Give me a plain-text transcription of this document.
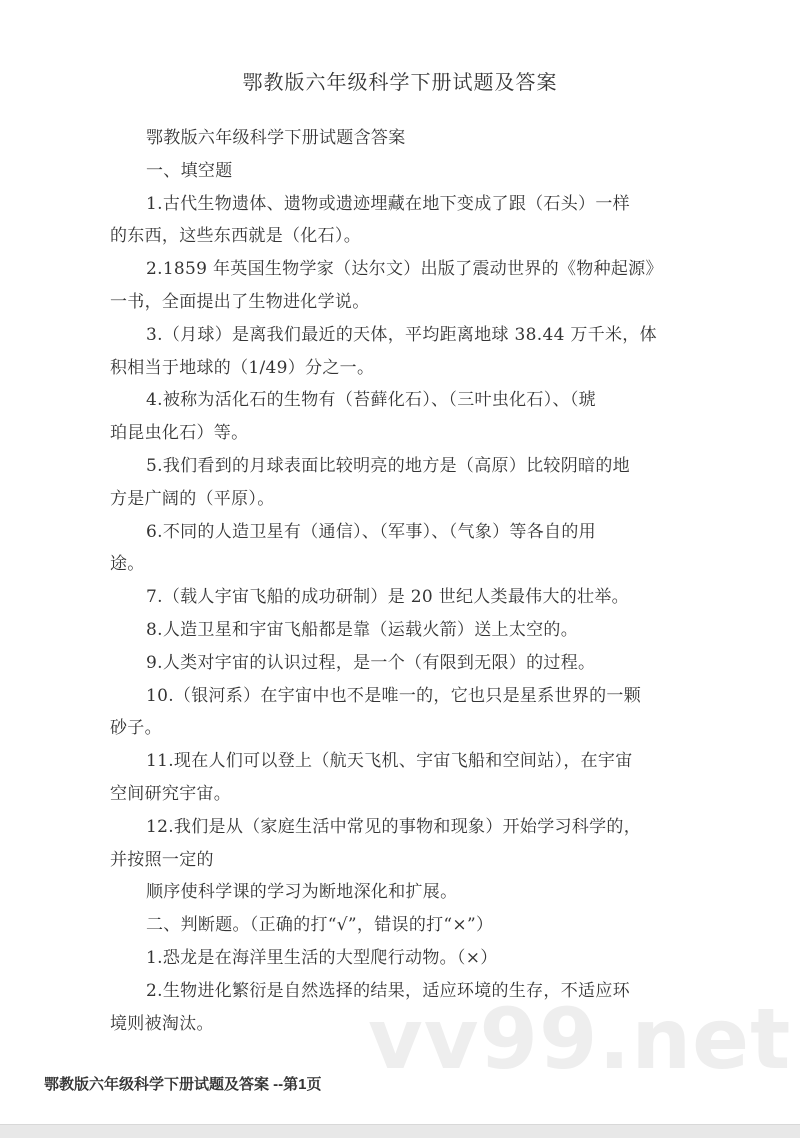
鄂教版六年级科学下册试题及答案
鄂教版六年级科学下册试题含答案
一、填空题
1.古代生物遗体、遗物或遗迹埋藏在地下变成了跟（石头）一样
的东西，这些东西就是（化石）。
2.1859 年英国生物学家（达尔文）出版了震动世界的《物种起源》
一书，全面提出了生物进化学说。
3.（月球）是离我们最近的天体，平均距离地球 38.44 万千米，体
积相当于地球的（1/49）分之一。
4.被称为活化石的生物有（苔藓化石）、（三叶虫化石）、（琥
珀昆虫化石）等。
5.我们看到的月球表面比较明亮的地方是（高原）比较阴暗的地
方是广阔的（平原）。
6.不同的人造卫星有（通信）、（军事）、（气象）等各自的用
途。
7.（载人宇宙飞船的成功研制）是 20 世纪人类最伟大的壮举。
8.人造卫星和宇宙飞船都是靠（运载火箭）送上太空的。
9.人类对宇宙的认识过程，是一个（有限到无限）的过程。
10.（银河系）在宇宙中也不是唯一的，它也只是星系世界的一颗
砂子。
11.现在人们可以登上（航天飞机、宇宙飞船和空间站），在宇宙
空间研究宇宙。
12.我们是从（家庭生活中常见的事物和现象）开始学习科学的，
并按照一定的
顺序使科学课的学习为断地深化和扩展。
二、判断题。（正确的打“√”，错误的打“×”）
1.恐龙是在海洋里生活的大型爬行动物。（×）
2.生物进化繁衍是自然选择的结果，适应环境的生存，不适应环
境则被淘汰。	vv99.net
鄂教版六年级科学下册试题及答案 --第1页
